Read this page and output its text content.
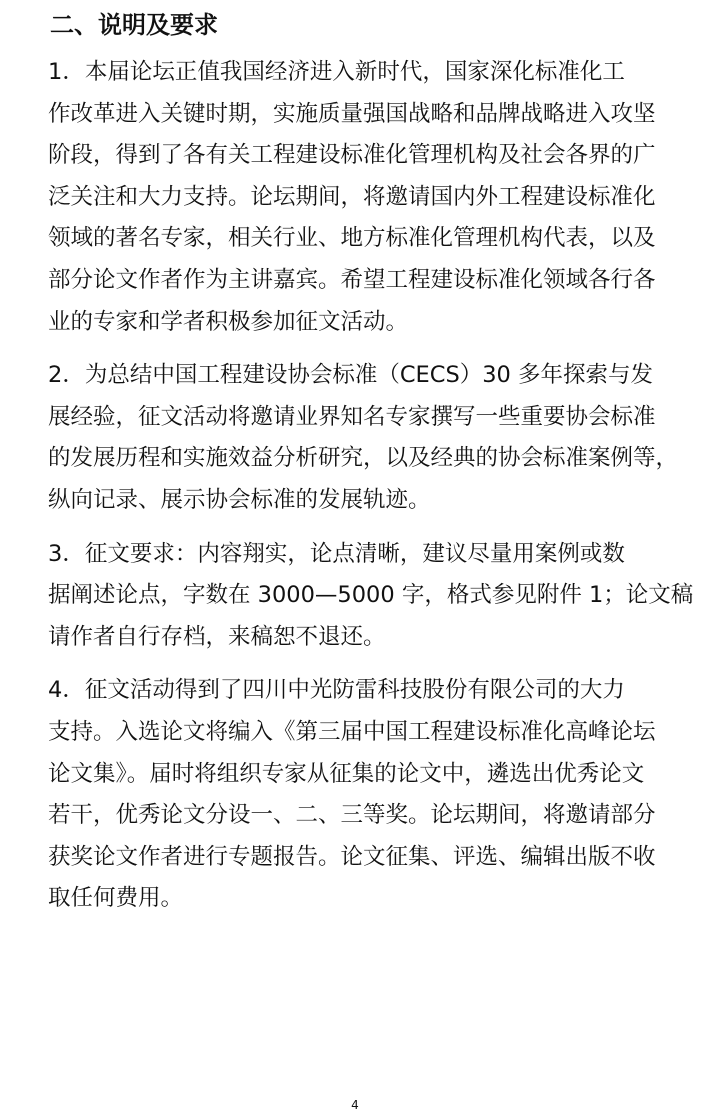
二、说明及要求

1．本届论坛正值我国经济进入新时代，国家深化标准化工
作改革进入关键时期，实施质量强国战略和品牌战略进入攻坚
阶段，得到了各有关工程建设标准化管理机构及社会各界的广
泛关注和大力支持。论坛期间，将邀请国内外工程建设标准化
领域的著名专家，相关行业、地方标准化管理机构代表，以及
部分论文作者作为主讲嘉宾。希望工程建设标准化领域各行各
业的专家和学者积极参加征文活动。

2．为总结中国工程建设协会标准（CECS）30 多年探索与发
展经验，征文活动将邀请业界知名专家撰写一些重要协会标准
的发展历程和实施效益分析研究，以及经典的协会标准案例等，
纵向记录、展示协会标准的发展轨迹。

3．征文要求：内容翔实，论点清晰，建议尽量用案例或数
据阐述论点，字数在 3000—5000 字，格式参见附件 1；论文稿
请作者自行存档，来稿恕不退还。

4．征文活动得到了四川中光防雷科技股份有限公司的大力
支持。入选论文将编入《第三届中国工程建设标准化高峰论坛
论文集》。届时将组织专家从征集的论文中，遴选出优秀论文
若干，优秀论文分设一、二、三等奖。论坛期间，将邀请部分
获奖论文作者进行专题报告。论文征集、评选、编辑出版不收
取任何费用。

4
